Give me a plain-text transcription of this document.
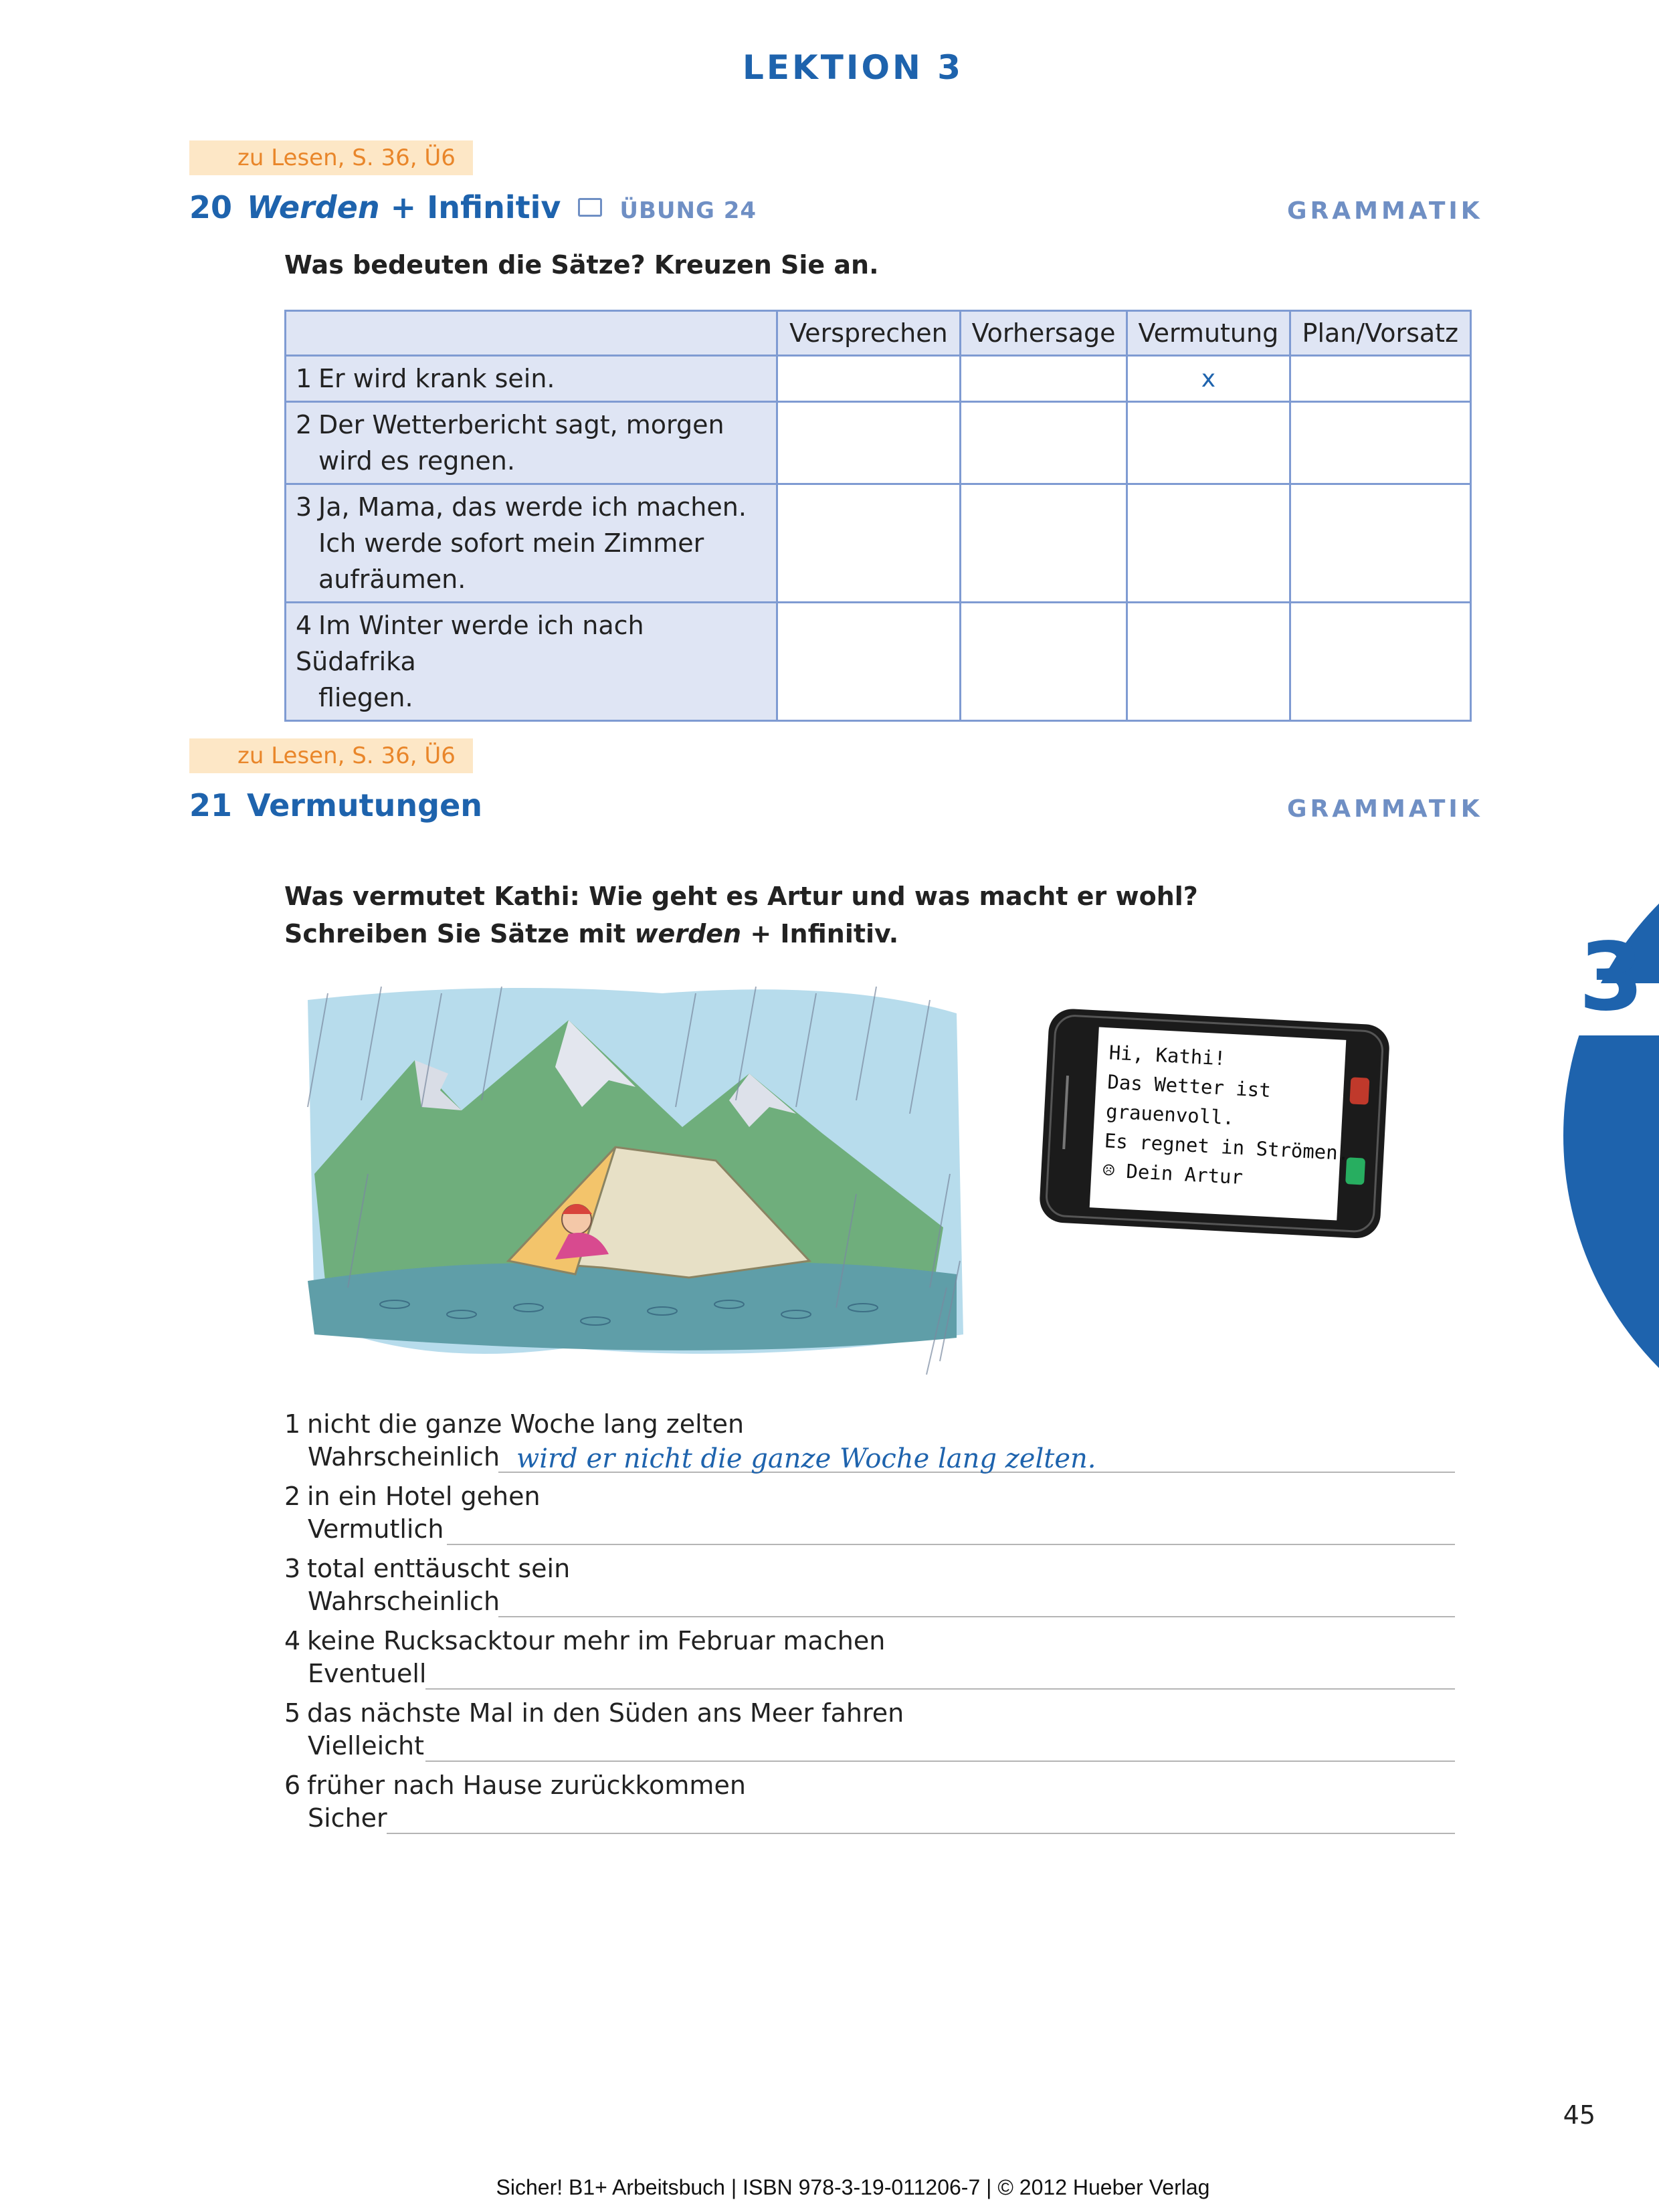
3
LEKTION 3
zu Lesen, S. 36, Ü6
20 Werden + Infinitiv	ÜBUNG 24	GRAMMATIK
Was bedeuten die Sätze? Kreuzen Sie an.
	Versprechen	Vorhersage	Vermutung	Plan/Vorsatz
1 Er wird krank sein.			x	
2 Der Wetterbericht sagt, morgen
wird es regnen.				
3 Ja, Mama, das werde ich machen.
Ich werde sofort mein Zimmer
aufräumen.				
4 Im Winter werde ich nach Südafrika
fliegen.				
zu Lesen, S. 36, Ü6
21 Vermutungen	GRAMMATIK
Was vermutet Kathi: Wie geht es Artur und was macht er wohl?
Schreiben Sie Sätze mit werden + Infinitiv.
Hi, Kathi!
Das Wetter ist
grauenvoll.
Es regnet in Strömen.
☹ Dein Artur
1 nicht die ganze Woche lang zelten
Wahrscheinlich wird er nicht die ganze Woche lang zelten.
2 in ein Hotel gehen
Vermutlich
3 total enttäuscht sein
Wahrscheinlich
4 keine Rucksacktour mehr im Februar machen
Eventuell
5 das nächste Mal in den Süden ans Meer fahren
Vielleicht
6 früher nach Hause zurückkommen
Sicher
45
Sicher! B1+ Arbeitsbuch | ISBN 978-3-19-011206-7 | © 2012 Hueber Verlag
